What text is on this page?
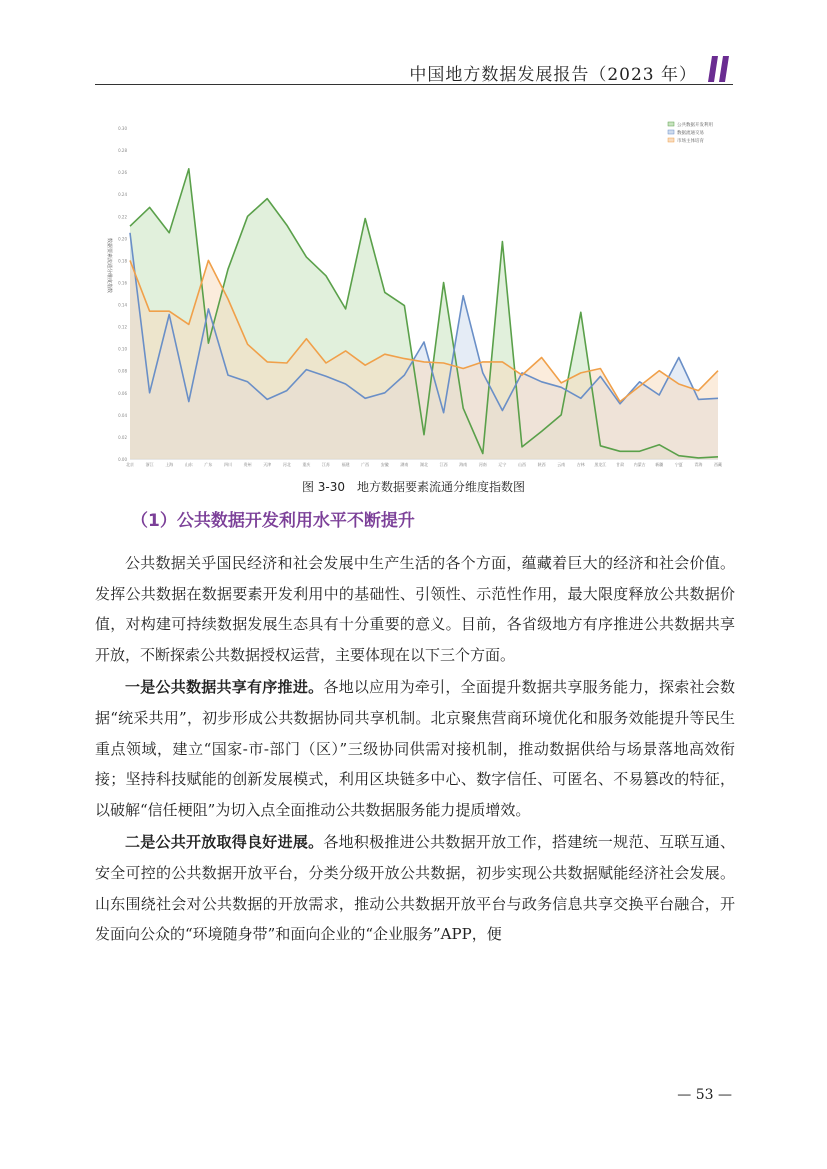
中国地方数据发展报告（2023 年）
0.00
0.02
0.04
0.06
0.08
0.10
0.12
0.14
0.16
0.18
0.20
0.22
0.24
0.26
0.28
0.30
数据要素流通分维度指数
北京	浙江	上海	山东	广东	四川	贵州	天津	河北	重庆	江苏	福建	广西	安徽	湖南	湖北	江西	海南	河南	辽宁	山西	陕西	云南	吉林 黑龙江 甘肃 内蒙古 新疆	宁夏	青海	西藏
公共数据开发利用
数据流通交易
市场主体培育
图 3-30　地方数据要素流通分维度指数图
（1）公共数据开发利用水平不断提升

公共数据关乎国民经济和社会发展中生产生活的各个方面，蕴藏着巨大的经济和社会价值。发挥公共数据在数据要素开发利用中的基础性、引领性、示范性作用，最大限度释放公共数据价值，对构建可持续数据发展生态具有十分重要的意义。目前，各省级地方有序推进公共数据共享开放，不断探索公共数据授权运营，主要体现在以下三个方面。

一是公共数据共享有序推进。各地以应用为牵引，全面提升数据共享服务能力，探索社会数据“统采共用”，初步形成公共数据协同共享机制。北京聚焦营商环境优化和服务效能提升等民生重点领域，建立“国家-市-部门（区）”三级协同供需对接机制，推动数据供给与场景落地高效衔接；坚持科技赋能的创新发展模式，利用区块链多中心、数字信任、可匿名、不易篡改的特征，以破解“信任梗阻”为切入点全面推动公共数据服务能力提质增效。

二是公共开放取得良好进展。各地积极推进公共数据开放工作，搭建统一规范、互联互通、安全可控的公共数据开放平台，分类分级开放公共数据，初步实现公共数据赋能经济社会发展。山东围绕社会对公共数据的开放需求，推动公共数据开放平台与政务信息共享交换平台融合，开发面向公众的“环境随身带”和面向企业的“企业服务”APP，便

— 53 —
